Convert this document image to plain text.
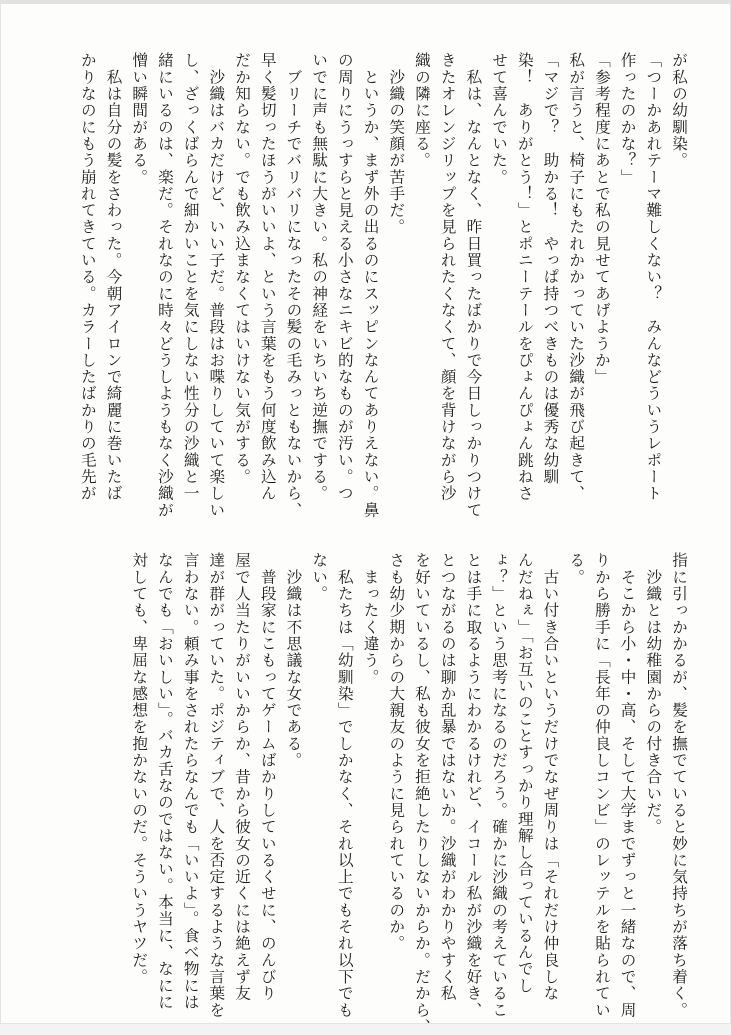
が私の幼馴染。

「つーかあれテーマ難しくない？　みんなどういうレポート

作ったのかな？」

「参考程度にあとで私の見せてあげようか」

私が言うと、椅子にもたれかかっていた沙織が飛び起きて、

「マジで？　助かる！　やっぱ持つべきものは優秀な幼馴

染！　ありがとう！」とポニーテールをぴょんぴょん跳ねさ

せて喜んでいた。

　私は、なんとなく、昨日買ったばかりで今日しっかりつけて

きたオレンジリップを見られたくなくて、顔を背けながら沙

織の隣に座る。

　沙織の笑顔が苦手だ。

　というか、まず外の出るのにスッピンなんてありえない。鼻

の周りにうっすらと見える小さなニキビ的なものが汚い。つ

いでに声も無駄に大きい。私の神経をいちいち逆撫でする。

　ブリーチでバリバリになったその髪の毛みっともないから、

早く髪切ったほうがいいよ、という言葉をもう何度飲み込ん

だか知らない。でも飲み込まなくてはいけない気がする。

　沙織はバカだけど、いい子だ。普段はお喋りしていて楽しい

し、ざっくばらんで細かいことを気にしない性分の沙織と一

緒にいるのは、楽だ。それなのに時々どうしようもなく沙織が

憎い瞬間がある。

　私は自分の髪をさわった。今朝アイロンで綺麗に巻いたば

かりなのにもう崩れてきている。カラーしたばかりの毛先が

指に引っかかるが、髪を撫でていると妙に気持ちが落ち着く。

　沙織とは幼稚園からの付き合いだ。

　そこから小・中・高、そして大学までずっと一緒なので、周

りから勝手に「長年の仲良しコンビ」のレッテルを貼られてい

る。

　古い付き合いというだけでなぜ周りは「それだけ仲良しな

んだねぇ」「お互いのことすっかり理解し合っているんでし

ょ？」という思考になるのだろう。確かに沙織の考えているこ

とは手に取るようにわかるけれど、イコール私が沙織を好き、

とつながるのは聊か乱暴ではないか。沙織がわかりやすく私

を好いているし、私も彼女を拒絶したりしないからか。だから、

さも幼少期からの大親友のように見られているのか。

　まったく違う。

　私たちは「幼馴染」でしかなく、それ以上でもそれ以下でも

ない。

　沙織は不思議な女である。

　普段家にこもってゲームばかりしているくせに、のんびり

屋で人当たりがいいからか、昔から彼女の近くには絶えず友

達が群がっていた。ポジティブで、人を否定するような言葉を

言わない。頼み事をされたらなんでも「いいよ」。食べ物には

なんでも「おいしい」。バカ舌なのではない。本当に、なにに

対しても、卑屈な感想を抱かないのだ。そういうヤツだ。
